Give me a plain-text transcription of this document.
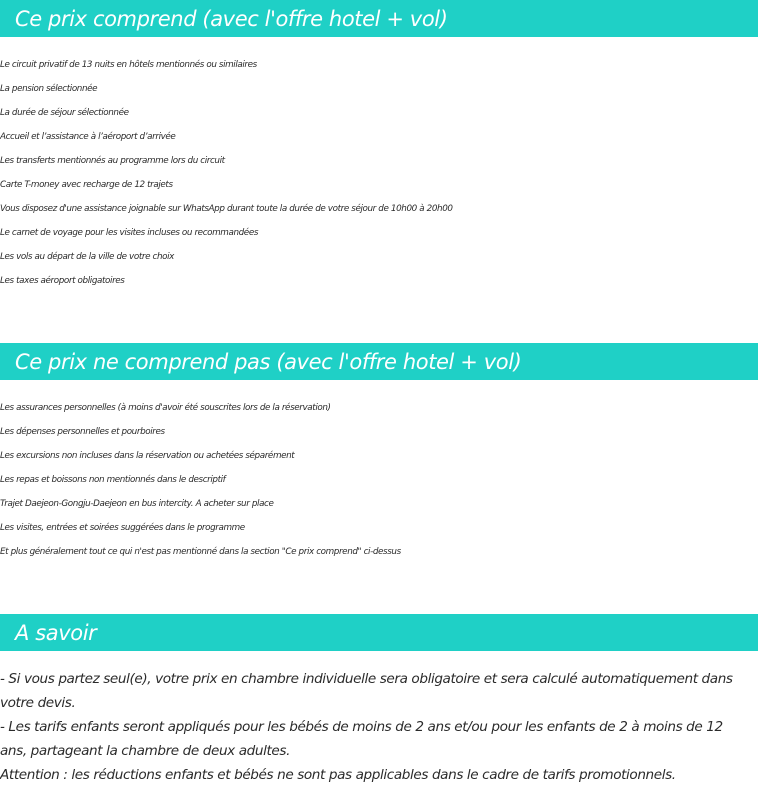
Ce prix comprend (avec l'offre hotel + vol)
Le circuit privatif de 13 nuits en hôtels mentionnés ou similaires
La pension sélectionnée
La durée de séjour sélectionnée
Accueil et l’assistance à l’aéroport d’arrivée
Les transferts mentionnés au programme lors du circuit
Carte T-money avec recharge de 12 trajets
Vous disposez d'une assistance joignable sur WhatsApp durant toute la durée de votre séjour de 10h00 à 20h00
Le carnet de voyage pour les visites incluses ou recommandées
Les vols au départ de la ville de votre choix
Les taxes aéroport obligatoires
Ce prix ne comprend pas (avec l'offre hotel + vol)
Les assurances personnelles (à moins d'avoir été souscrites lors de la réservation)
Les dépenses personnelles et pourboires
Les excursions non incluses dans la réservation ou achetées séparément
Les repas et boissons non mentionnés dans le descriptif
Trajet Daejeon-Gongju-Daejeon en bus intercity. A acheter sur place
Les visites, entrées et soirées suggérées dans le programme
Et plus généralement tout ce qui n'est pas mentionné dans la section "Ce prix comprend" ci-dessus
A savoir

- Si vous partez seul(e), votre prix en chambre individuelle sera obligatoire et sera calculé automatiquement dans votre devis.

- Les tarifs enfants seront appliqués pour les bébés de moins de 2 ans et/ou pour les enfants de 2 à moins de 12 ans, partageant la chambre de deux adultes.

Attention : les réductions enfants et bébés ne sont pas applicables dans le cadre de tarifs promotionnels.
